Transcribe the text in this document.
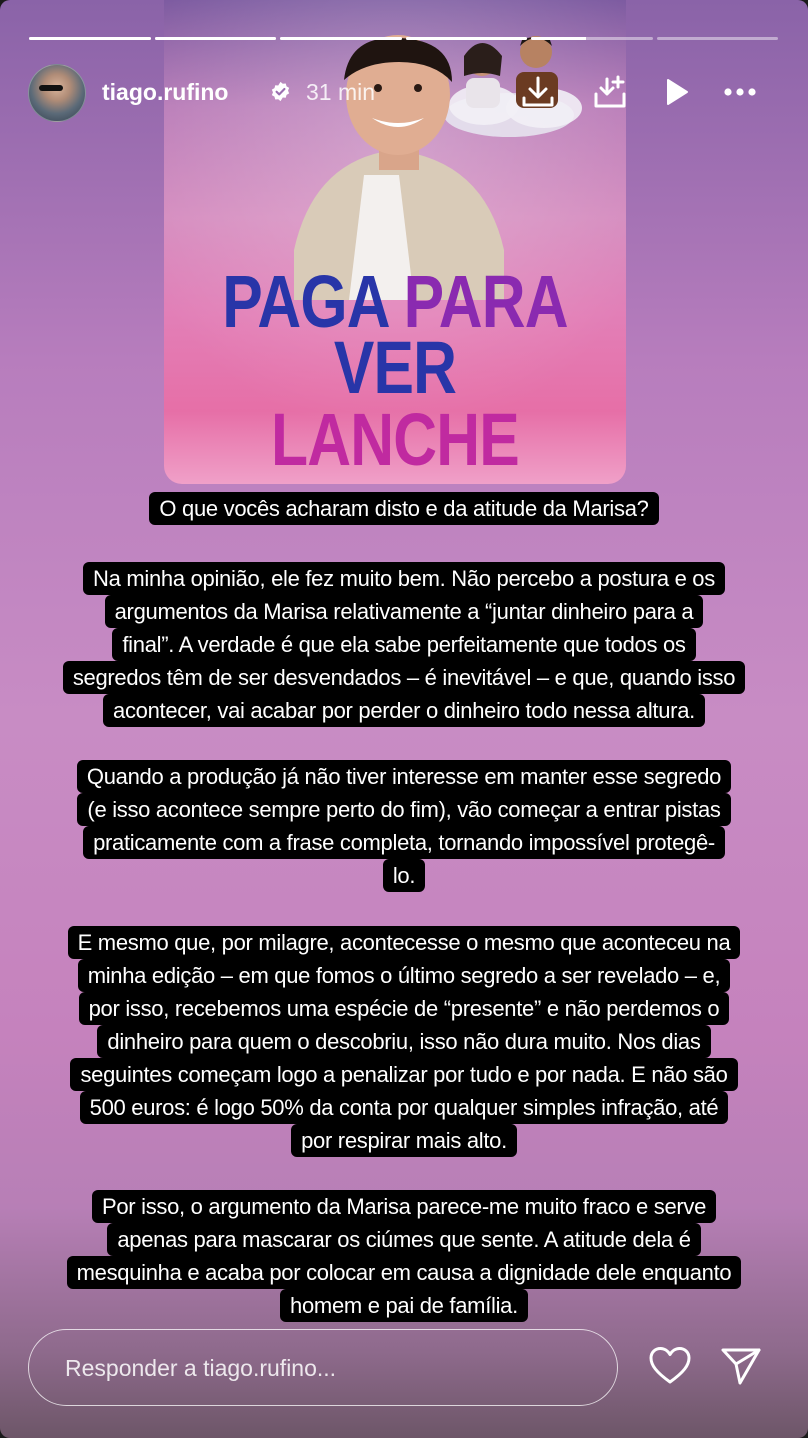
PAGA PARA
VER LANCHE
tiago.rufino	31 min
O que vocês acharam disto e da atitude da Marisa?
Na minha opinião, ele fez muito bem. Não percebo a postura e os
argumentos da Marisa relativamente a “juntar dinheiro para a
final”. A verdade é que ela sabe perfeitamente que todos os
segredos têm de ser desvendados – é inevitável – e que, quando isso
acontecer, vai acabar por perder o dinheiro todo nessa altura.
Quando a produção já não tiver interesse em manter esse segredo
(e isso acontece sempre perto do fim), vão começar a entrar pistas
praticamente com a frase completa, tornando impossível protegê-
lo.
E mesmo que, por milagre, acontecesse o mesmo que aconteceu na
minha edição – em que fomos o último segredo a ser revelado – e,
por isso, recebemos uma espécie de “presente” e não perdemos o
dinheiro para quem o descobriu, isso não dura muito. Nos dias
seguintes começam logo a penalizar por tudo e por nada. E não são
500 euros: é logo 50% da conta por qualquer simples infração, até
por respirar mais alto.
Por isso, o argumento da Marisa parece-me muito fraco e serve
apenas para mascarar os ciúmes que sente. A atitude dela é
mesquinha e acaba por colocar em causa a dignidade dele enquanto
homem e pai de família.
Responder a tiago.rufino...
